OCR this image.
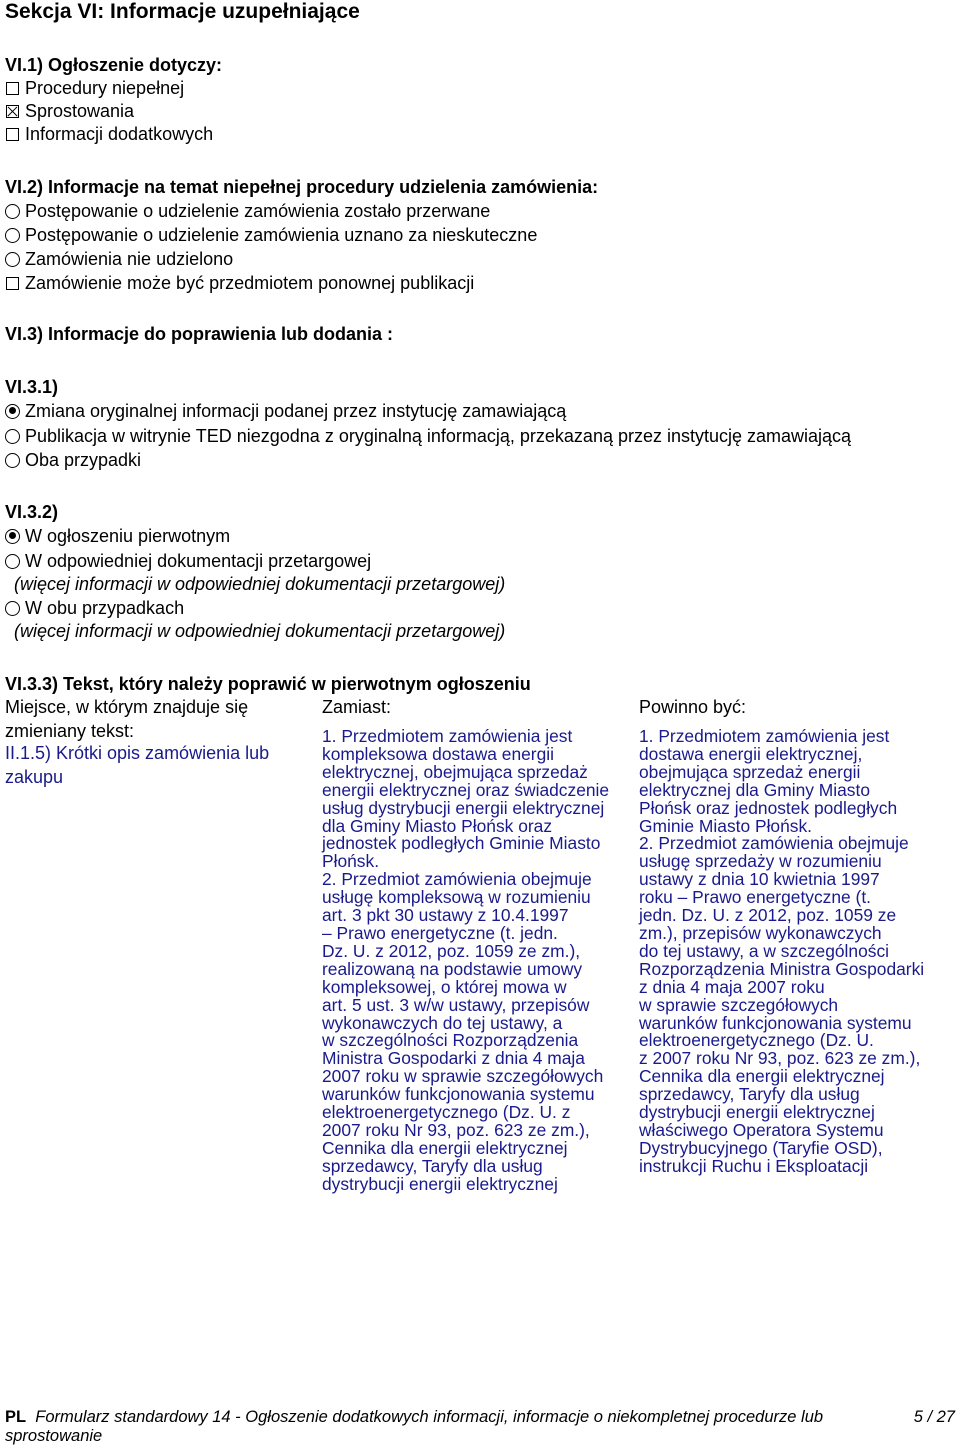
Sekcja VI: Informacje uzupełniające
VI.1) Ogłoszenie dotyczy:
Procedury niepełnej
Sprostowania
Informacji dodatkowych
VI.2) Informacje na temat niepełnej procedury udzielenia zamówienia:
Postępowanie o udzielenie zamówienia zostało przerwane
Postępowanie o udzielenie zamówienia uznano za nieskuteczne
Zamówienia nie udzielono
Zamówienie może być przedmiotem ponownej publikacji
VI.3) Informacje do poprawienia lub dodania :
VI.3.1)
Zmiana oryginalnej informacji podanej przez instytucję zamawiającą
Publikacja w witrynie TED niezgodna z oryginalną informacją, przekazaną przez instytucję zamawiającą
Oba przypadki
VI.3.2)
W ogłoszeniu pierwotnym
W odpowiedniej dokumentacji przetargowej
(więcej informacji w odpowiedniej dokumentacji przetargowej)
W obu przypadkach
(więcej informacji w odpowiedniej dokumentacji przetargowej)
VI.3.3) Tekst, który należy poprawić w pierwotnym ogłoszeniu
Miejsce, w którym znajduje się
zmieniany tekst:
II.1.5) Krótki opis zamówienia lub
zakupu
Zamiast:	Powinno być:
1. Przedmiotem zamówienia jest
kompleksowa dostawa energii
elektrycznej, obejmująca sprzedaż
energii elektrycznej oraz świadczenie
usług dystrybucji energii elektrycznej
dla Gminy Miasto Płońsk oraz
jednostek podległych Gminie Miasto
Płońsk.
2. Przedmiot zamówienia obejmuje
usługę kompleksową w rozumieniu
art. 3 pkt 30 ustawy z 10.4.1997
– Prawo energetyczne (t. jedn.
Dz. U. z 2012, poz. 1059 ze zm.),
realizowaną na podstawie umowy
kompleksowej, o której mowa w
art. 5 ust. 3 w/w ustawy, przepisów
wykonawczych do tej ustawy, a
w szczególności Rozporządzenia
Ministra Gospodarki z dnia 4 maja
2007 roku w sprawie szczegółowych
warunków funkcjonowania systemu
elektroenergetycznego (Dz. U. z
2007 roku Nr 93, poz. 623 ze zm.),
Cennika dla energii elektrycznej
sprzedawcy, Taryfy dla usług
dystrybucji energii elektrycznej
1. Przedmiotem zamówienia jest
dostawa energii elektrycznej,
obejmująca sprzedaż energii
elektrycznej dla Gminy Miasto
Płońsk oraz jednostek podległych
Gminie Miasto Płońsk.
2. Przedmiot zamówienia obejmuje
usługę sprzedaży w rozumieniu
ustawy z dnia 10 kwietnia 1997
roku – Prawo energetyczne (t.
jedn. Dz. U. z 2012, poz. 1059 ze
zm.), przepisów wykonawczych
do tej ustawy, a w szczególności
Rozporządzenia Ministra Gospodarki
z dnia 4 maja 2007 roku
w sprawie szczegółowych
warunków funkcjonowania systemu
elektroenergetycznego (Dz. U.
z 2007 roku Nr 93, poz. 623 ze zm.),
Cennika dla energii elektrycznej
sprzedawcy, Taryfy dla usług
dystrybucji energii elektrycznej
właściwego Operatora Systemu
Dystrybucyjnego (Taryfie OSD),
instrukcji Ruchu i Eksploatacji
PL Formularz standardowy 14 - Ogłoszenie dodatkowych informacji, informacje o niekompletnej procedurze lub
sprostowanie
5 / 27
